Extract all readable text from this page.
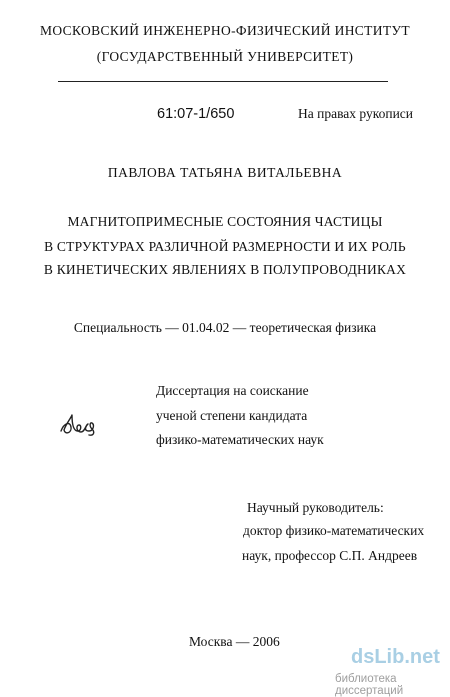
МОСКОВСКИЙ ИНЖЕНЕРНО-ФИЗИЧЕСКИЙ ИНСТИТУТ
(ГОСУДАРСТВЕННЫЙ УНИВЕРСИТЕТ)
61:07-1/650	На правах рукописи
ПАВЛОВА ТАТЬЯНА ВИТАЛЬЕВНА
МАГНИТОПРИМЕСНЫЕ СОСТОЯНИЯ ЧАСТИЦЫ
В СТРУКТУРАХ РАЗЛИЧНОЙ РАЗМЕРНОСТИ И ИХ РОЛЬ
В КИНЕТИЧЕСКИХ ЯВЛЕНИЯХ В ПОЛУПРОВОДНИКАХ
Специальность — 01.04.02 — теоретическая физика
Диссертация на соискание
ученой степени кандидата
физико-математических наук
Научный руководитель:
доктор физико-математических
наук, профессор С.П. Андреев
Москва — 2006
dsLib.net
библиотека диссертаций
